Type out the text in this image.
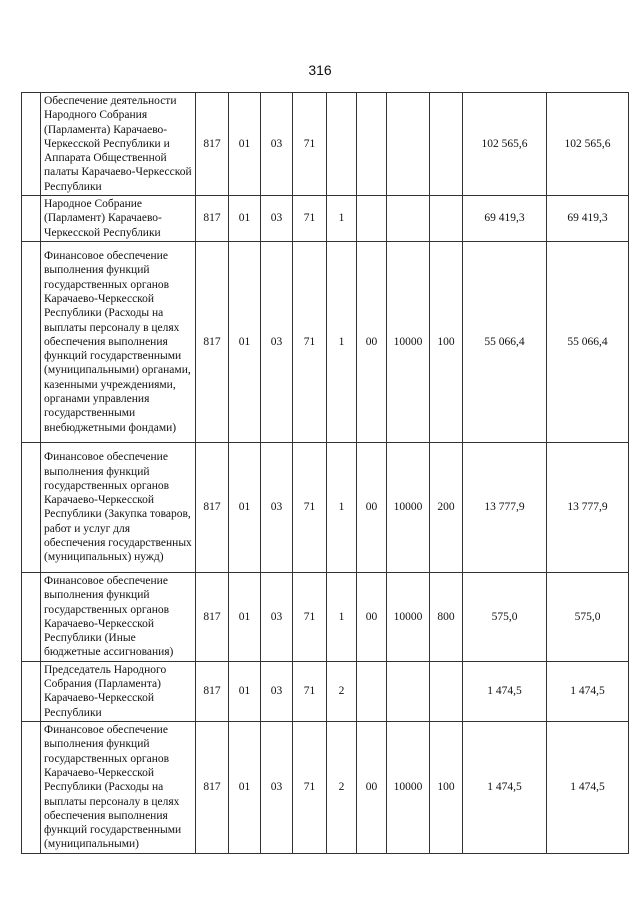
316
	Обеспечение деятельности Народного Собрания (Парламента) Карачаево-Черкесской Республики и Аппарата Общественной палаты Карачаево-Черкесской Республики	817	01	03	71					102 565,6	102 565,6
	Народное Собрание (Парламент) Карачаево-Черкесской Республики	817	01	03	71	1				69 419,3	69 419,3
	Финансовое обеспечение выполнения функций государственных органов Карачаево-Черкесской Республики (Расходы на выплаты персоналу в целях обеспечения выполнения функций государственными (муниципальными) органами, казенными учреждениями, органами управления государственными внебюджетными фондами)	817	01	03	71	1	00	10000	100	55 066,4	55 066,4
	Финансовое обеспечение выполнения функций государственных органов Карачаево-Черкесской Республики (Закупка товаров, работ и услуг для обеспечения государственных (муниципальных) нужд)	817	01	03	71	1	00	10000	200	13 777,9	13 777,9
	Финансовое обеспечение выполнения функций государственных органов Карачаево-Черкесской Республики (Иные бюджетные ассигнования)	817	01	03	71	1	00	10000	800	575,0	575,0
	Председатель Народного Собрания (Парламента) Карачаево-Черкесской Республики	817	01	03	71	2				1 474,5	1 474,5
	Финансовое обеспечение выполнения функций государственных органов Карачаево-Черкесской Республики (Расходы на выплаты персоналу в целях обеспечения выполнения функций государственными (муниципальными)	817	01	03	71	2	00	10000	100	1 474,5	1 474,5
